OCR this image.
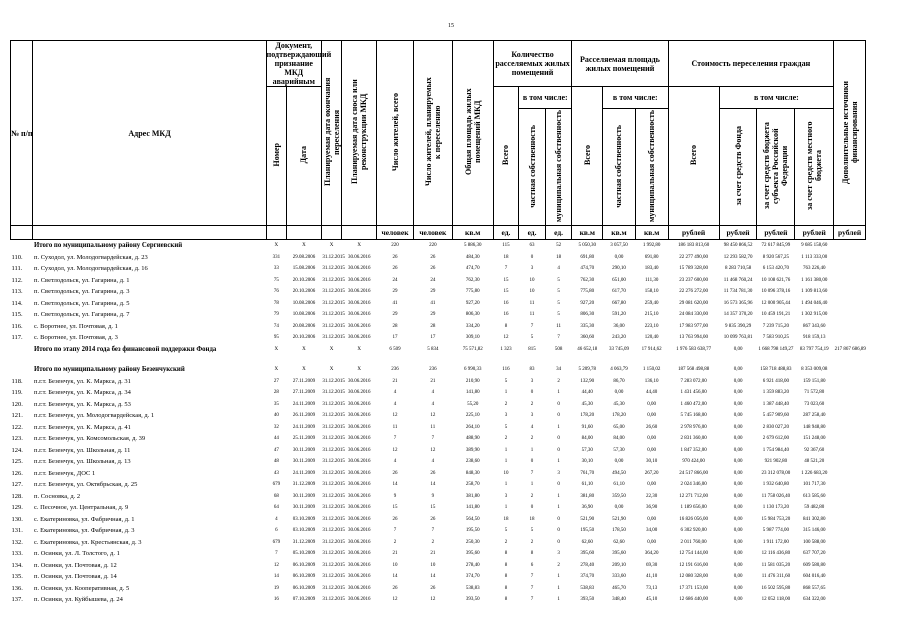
15
№ п/п	Адрес МКД	Документ, подтверждающий признание МКД аварийным		Планируемая дата окончания переселения	Планируемая дата сноса или реконструкции МКД	Число жителей, всего	Число жителей, планируемых к переселению	Общая площадь жилых помещений МКД	Количество расселяемых жилых помещений			Расселяемая площадь жилых помещений			Стоимость переселения граждан				Дополнительные источники финансирования
		Номер	Дата						Всего	в том числе:		Всего	в том числе:		Всего	в том числе:			
										частная собственность	муниципальная собственность		частная собственность	муниципальная собственность		за счет средств Фонда	за счет средств бюджета субъекта Российской Федерации	за счет средств местного бюджета	
						человек	человек	кв.м	ед.	ед.	ед.	кв.м	кв.м	кв.м	рублей	рублей	рублей	рублей	рублей
	Итого по муниципальному району Сергиевский	X	X	X	X	220	220	5 886,30	115	63	52	5 050,30	3 057,50	1 992,80	186 183 813,60	98 450 866,52	72 617 845,99	9 685 158,60	
110.	п. Суходол, ул. Молодогвардейская, д. 23	331	29.08.2006	31.12.2015	30.06.2016	26	26	484,30	18	0	18	691,80	0,00	691,80	22 277 490,00	12 293 582,70	8 920 567,25	1 113 333,00	
111.	п. Суходол, ул. Молодогвардейская, д. 16	33	15.08.2006	31.12.2015	30.06.2016	26	26	474,70	7	3	4	474,70	290,10	183,40	15 789 328,00	8 283 710,58	6 153 420,70	763 226,40	
112.	п. Светлодольск, ул. Гагарина, д. 1	75	20.10.2006	31.12.2015	30.06.2016	24	24	762,30	15	10	5	762,30	651,00	111,30	23 237 600,00	11 468 760,24	10 108 621,76	1 161 380,00	
113.	п. Светлодольск, ул. Гагарина, д. 3	76	20.10.2006	31.12.2015	30.06.2016	29	29	775,80	15	10	5	775,80	617,70	158,10	22 276 272,00	11 734 781,30	10 096 378,16	1 109 813,60	
114.	п. Светлодольск, ул. Гагарина, д. 5	78	10.08.2006	31.12.2015	30.06.2016	41	41	927,20	16	11	5	927,20	667,80	259,40	29 081 620,00	16 573 365,96	12 000 905,44	1 494 046,40	
115.	п. Светлодольск, ул. Гагарина, д. 7	79	10.08.2006	31.12.2015	30.06.2016	29	29	806,30	16	11	5	806,30	591,20	215,10	24 084 330,00	14 357 370,20	10 459 191,21	1 302 915,00	
116.	с. Воротнее, ул. Почтовая, д. 1	74	20.08.2006	31.12.2015	30.06.2016	28	28	334,20	8	7	11	335,30	36,00	223,10	17 983 977,00	9 835 390,29	7 239 715,20	867 343,60	
117.	с. Воротнее, ул. Почтовая, д. 3	95	20.10.2006	31.12.2015	30.06.2016	17	17	309,10	12	5	7	360,60	243,20	120,40	13 763 994,00	10 099 763,81	7 583 910,25	918 159,13	
	Итого по этапу 2014 года без финансовой поддержки Фонда	X	X	X	X	6 509	5 834	75 571,82	1 323	815	508	46 652,18	33 745,09	17 914,62	1 976 583 638,77	0,00	1 668 798 149,27	83 797 754,19	217 867 686,89

	Итого по муниципальному району Безенчукский	X	X	X	X	236	236	6 990,33	116	83	34	5 209,78	4 063,79	1 150,02	187 568 498,88	0,00	158 718 488,83	8 353 009,08	
118.	п.г.т. Безенчук, ул. К. Маркса, д. 31	27	27.11.2009	31.12.2015	30.06.2016	21	21	210,90	5	3	2	132,90	86,70	136,10	7 283 072,00	0,00	6 921 418,00	159 151,80	
119.	п.г.т. Безенчук, ул. К. Маркса, д. 34	28	27.11.2009	31.12.2015	30.06.2016	4	4	141,80	1	0	1	44,40	0,00	44,40	1 431 456,00	0,00	1 359 883,20	71 572,80	
120.	п.г.т. Безенчук, ул. К. Маркса, д. 53	35	24.11.2009	31.12.2015	30.06.2016	4	4	55,20	2	2	0	45,30	45,30	0,00	1 460 472,00	0,00	1 387 448,40	73 023,60	
121.	п.г.т. Безенчук, ул. Молодогвардейская, д. 1	40	26.11.2009	31.12.2015	30.06.2016	12	12	225,10	3	3	0	178,20	178,20	0,00	5 745 168,00	0,00	5 457 909,60	287 258,40	
122.	п.г.т. Безенчук, ул. К. Маркса, д. 41	32	24.11.2009	31.12.2015	30.06.2016	11	11	264,10	5	4	1	91,60	65,00	26,60	2 978 976,00	0,00	2 830 027,20	148 948,80	
123.	п.г.т. Безенчук, ул. Комсомольская, д. 39	44	25.11.2009	31.12.2015	30.06.2016	7	7	488,90	2	2	0	84,00	84,00	0,00	2 831 360,00	0,00	2 679 612,00	151 248,00	
124.	п.г.т. Безенчук, ул. Школьная, д. 11	47	30.11.2009	31.12.2015	30.06.2016	12	12	389,90	1	1	0	57,30	57,30	0,00	1 847 352,00	0,00	1 754 984,40	92 367,60	
125.	п.г.т. Безенчук, ул. Школьная, д. 13	48	30.11.2009	31.12.2015	30.06.2016	4	4	238,60	1	0	1	30,10	0,00	30,10	970 424,00	0,00	921 902,80	48 521,20	
126.	п.г.т. Безенчук, ДОС 1	43	24.11.2009	31.12.2015	30.06.2016	26	26	848,30	10	7	3	761,70	494,50	267,20	24 517 866,00	0,00	23 312 078,00	1 226 683,20	
127.	п.г.т. Безенчук, ул. Октябрьская, д. 25	679	31.12.2009	31.12.2015	30.06.2016	14	14	258,70	1	1	0	61,10	61,10	0,00	2 024 346,00	0,00	1 932 640,80	101 717,30	
128.	п. Сосновка, д. 2	68	30.11.2009	31.12.2015	30.06.2016	9	9	381,80	3	2	1	381,80	359,50	22,30	12 271 712,00	0,00	11 758 026,40	613 585,60	
129.	с. Песочное, ул. Центральная, д. 9	64	30.11.2009	31.12.2015	30.06.2016	15	15	141,80	1	0	1	36,90	0,00	36,90	1 189 656,00	0,00	1 130 173,20	59 482,80	
130.	с. Екатериновка, ул. Фабричная, д. 1	4	03.10.2009	31.12.2015	30.06.2016	26	26	564,50	18	18	0	521,90	521,90	0,00	16 826 056,00	0,00	15 984 753,20	841 302,80	
131.	с. Екатериновка, ул. Фабричная, д. 3	6	03.10.2009	31.12.2015	30.06.2016	7	7	195,50	5	5	0	195,50	178,50	34,00	6 302 920,00	0,00	5 987 774,00	315 146,00	
132.	с. Екатериновка, ул. Крестьянская, д. 3	679	31.12.2009	31.12.2015	30.06.2016	2	2	250,30	2	2	0	62,60	62,60	0,00	2 011 760,00	0,00	1 911 172,00	100 588,00	
133.	п. Осинки, ул. Л. Толстого, д. 1	7	05.10.2009	31.12.2015	30.06.2016	21	21	395,60	8	8	3	395,60	395,60	364,20	12 754 144,00	0,00	12 116 436,80	637 707,20	
134.	п. Осинки, ул. Почтовая, д. 12	12	06.10.2009	31.12.2015	30.06.2016	10	10	278,40	8	6	2	278,40	209,10	69,30	12 191 616,00	0,00	11 581 035,20	609 580,80	
135.	п. Осинки, ул. Почтовая, д. 14	14	06.10.2009	31.12.2015	30.06.2016	14	14	374,70	8	7	1	374,70	333,60	41,10	12 080 328,00	0,00	11 476 311,60	604 016,40	
136.	п. Осинки, ул. Кооперативная, д. 5	19	06.10.2009	31.12.2015	30.06.2016	26	26	538,83	8	7	1	538,83	465,70	73,13	17 371 153,00	0,00	16 502 595,80	868 557,65	
137.	п. Осинки, ул. Куйбышева, д. 24	16	07.10.2009	31.12.2015	30.06.2016	12	12	393,50	8	7	1	393,50	348,40	45,10	12 686 440,00	0,00	12 052 118,00	634 322,00	
